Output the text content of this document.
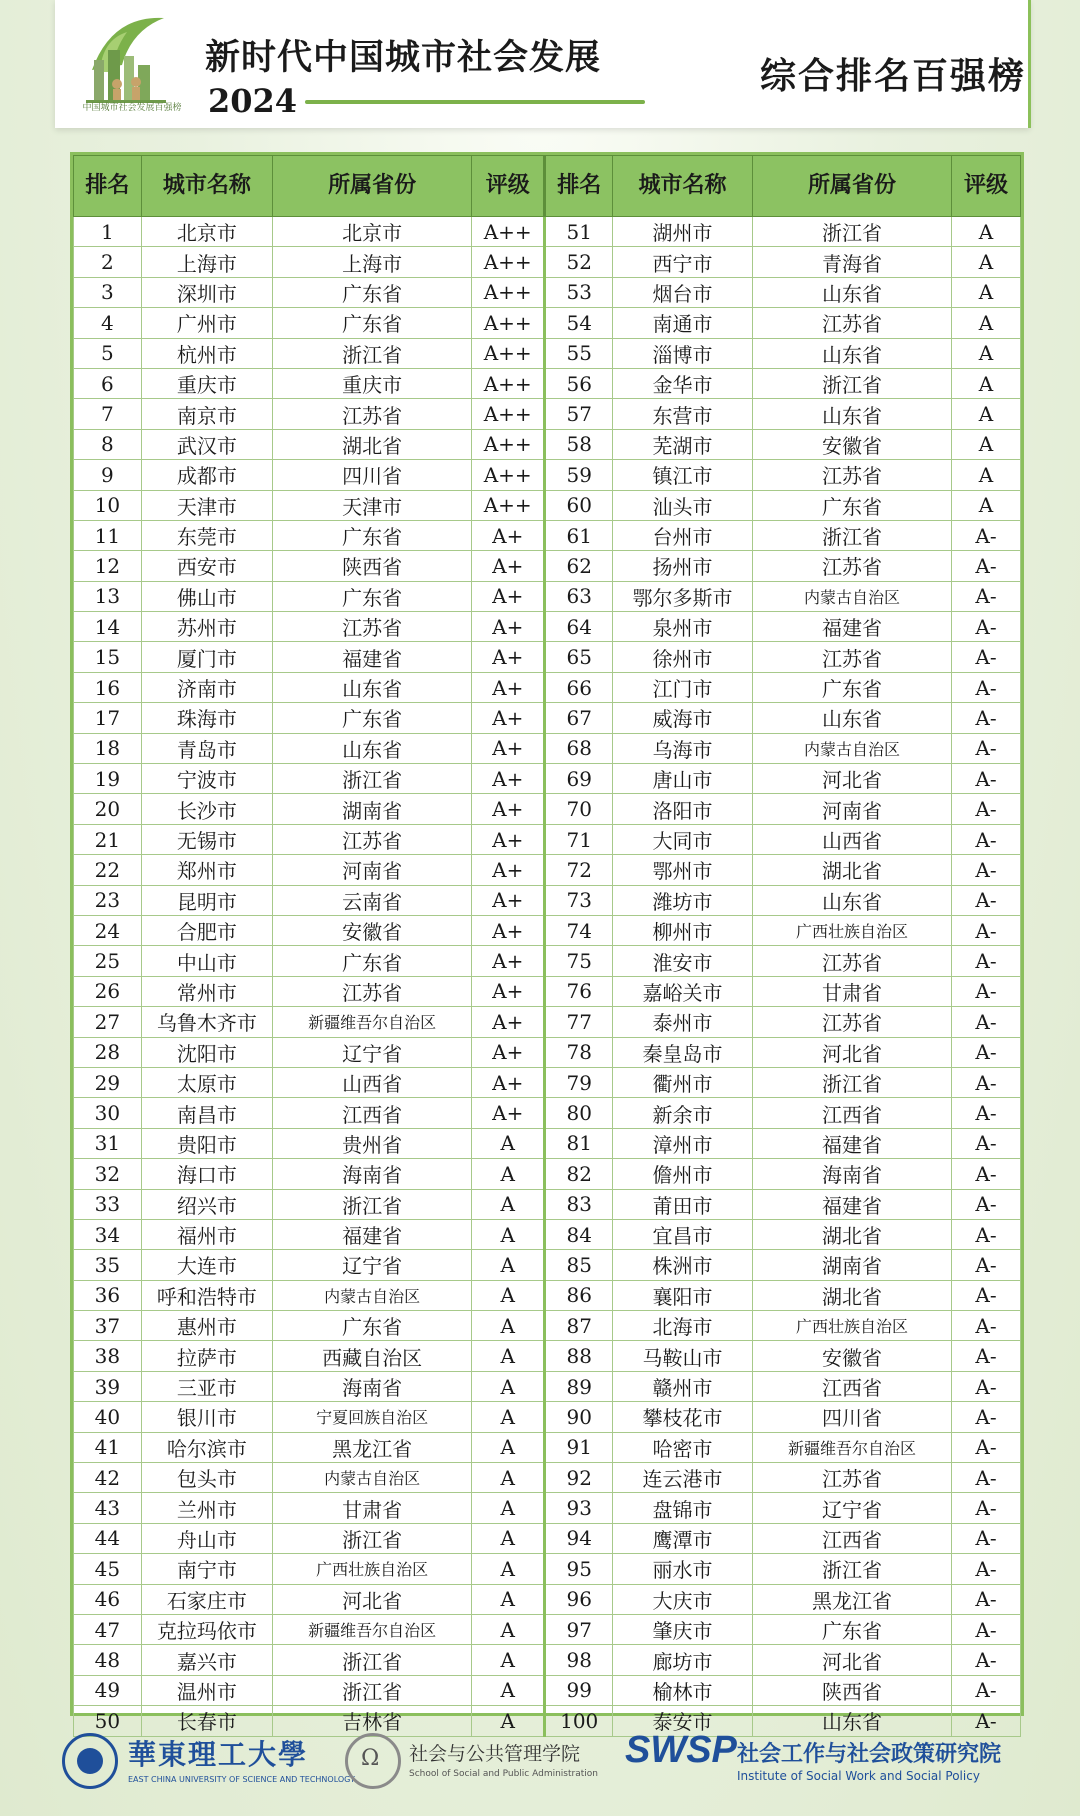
中国城市社会发展百强榜
新时代中国城市社会发展
2024
综合排名百强榜
排名	城市名称	所属省份	评级	排名	城市名称	所属省份	评级
1	北京市	北京市	A++	51	湖州市	浙江省	A
2	上海市	上海市	A++	52	西宁市	青海省	A
3	深圳市	广东省	A++	53	烟台市	山东省	A
4	广州市	广东省	A++	54	南通市	江苏省	A
5	杭州市	浙江省	A++	55	淄博市	山东省	A
6	重庆市	重庆市	A++	56	金华市	浙江省	A
7	南京市	江苏省	A++	57	东营市	山东省	A
8	武汉市	湖北省	A++	58	芜湖市	安徽省	A
9	成都市	四川省	A++	59	镇江市	江苏省	A
10	天津市	天津市	A++	60	汕头市	广东省	A
11	东莞市	广东省	A+	61	台州市	浙江省	A-
12	西安市	陕西省	A+	62	扬州市	江苏省	A-
13	佛山市	广东省	A+	63	鄂尔多斯市	内蒙古自治区	A-
14	苏州市	江苏省	A+	64	泉州市	福建省	A-
15	厦门市	福建省	A+	65	徐州市	江苏省	A-
16	济南市	山东省	A+	66	江门市	广东省	A-
17	珠海市	广东省	A+	67	威海市	山东省	A-
18	青岛市	山东省	A+	68	乌海市	内蒙古自治区	A-
19	宁波市	浙江省	A+	69	唐山市	河北省	A-
20	长沙市	湖南省	A+	70	洛阳市	河南省	A-
21	无锡市	江苏省	A+	71	大同市	山西省	A-
22	郑州市	河南省	A+	72	鄂州市	湖北省	A-
23	昆明市	云南省	A+	73	潍坊市	山东省	A-
24	合肥市	安徽省	A+	74	柳州市	广西壮族自治区	A-
25	中山市	广东省	A+	75	淮安市	江苏省	A-
26	常州市	江苏省	A+	76	嘉峪关市	甘肃省	A-
27	乌鲁木齐市	新疆维吾尔自治区	A+	77	泰州市	江苏省	A-
28	沈阳市	辽宁省	A+	78	秦皇岛市	河北省	A-
29	太原市	山西省	A+	79	衢州市	浙江省	A-
30	南昌市	江西省	A+	80	新余市	江西省	A-
31	贵阳市	贵州省	A	81	漳州市	福建省	A-
32	海口市	海南省	A	82	儋州市	海南省	A-
33	绍兴市	浙江省	A	83	莆田市	福建省	A-
34	福州市	福建省	A	84	宜昌市	湖北省	A-
35	大连市	辽宁省	A	85	株洲市	湖南省	A-
36	呼和浩特市	内蒙古自治区	A	86	襄阳市	湖北省	A-
37	惠州市	广东省	A	87	北海市	广西壮族自治区	A-
38	拉萨市	西藏自治区	A	88	马鞍山市	安徽省	A-
39	三亚市	海南省	A	89	赣州市	江西省	A-
40	银川市	宁夏回族自治区	A	90	攀枝花市	四川省	A-
41	哈尔滨市	黑龙江省	A	91	哈密市	新疆维吾尔自治区	A-
42	包头市	内蒙古自治区	A	92	连云港市	江苏省	A-
43	兰州市	甘肃省	A	93	盘锦市	辽宁省	A-
44	舟山市	浙江省	A	94	鹰潭市	江西省	A-
45	南宁市	广西壮族自治区	A	95	丽水市	浙江省	A-
46	石家庄市	河北省	A	96	大庆市	黑龙江省	A-
47	克拉玛依市	新疆维吾尔自治区	A	97	肇庆市	广东省	A-
48	嘉兴市	浙江省	A	98	廊坊市	河北省	A-
49	温州市	浙江省	A	99	榆林市	陕西省	A-
50	长春市	吉林省	A	100	泰安市	山东省	A-
華東理工大學
EAST CHINA UNIVERSITY OF SCIENCE AND TECHNOLOGY
Ω 社会与公共管理学院
School of Social and Public Administration
SWSP 社会工作与社会政策研究院
Institute of Social Work and Social Policy
